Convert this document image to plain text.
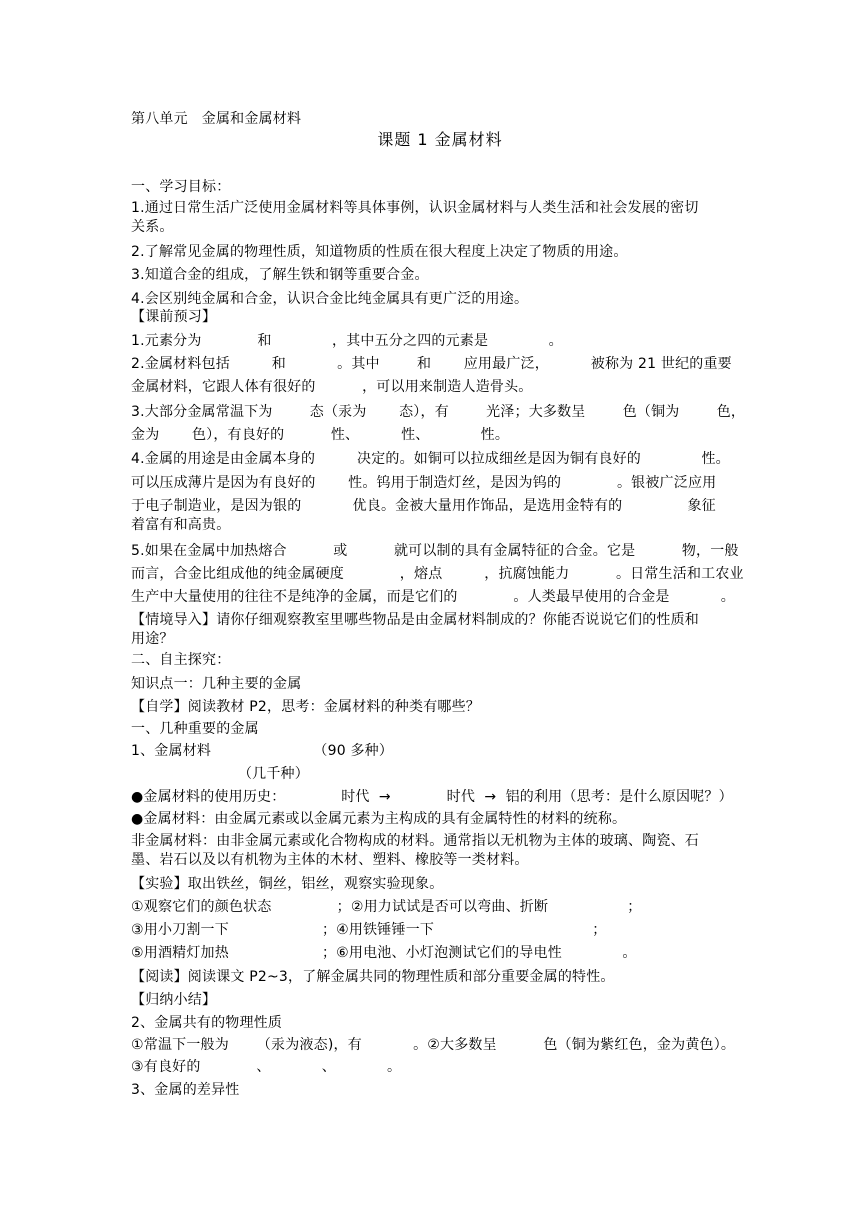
第八单元   金属和金属材料
课题 1 金属材料
一、学习目标：
1.通过日常生活广泛使用金属材料等具体事例，认识金属材料与人类生活和社会发展的密切
关系。
2.了解常见金属的物理性质，知道物质的性质在很大程度上决定了物质的用途。
3.知道合金的组成，了解生铁和钢等重要合金。
4.会区别纯金属和合金，认识合金比纯金属具有更广泛的用途。
【课前预习】
1.元素分为            和             ，其中五分之四的元素是             。
2.金属材料包括         和           。其中        和       应用最广泛，         被称为 21 世纪的重要
金属材料，它跟人体有很好的          ，可以用来制造人造骨头。
3.大部分金属常温下为        态（汞为       态），有        光泽；大多数呈        色（铜为        色，
金为       色），有良好的          性、         性、           性。
4.金属的用途是由金属本身的         决定的。如铜可以拉成细丝是因为铜有良好的             性。
可以压成薄片是因为有良好的       性。钨用于制造灯丝，是因为钨的            。银被广泛应用
于电子制造业，是因为银的           优良。金被大量用作饰品，是选用金特有的              象征
着富有和高贵。
5.如果在金属中加热熔合          或          就可以制的具有金属特征的合金。它是          物，一般
而言，合金比组成他的纯金属硬度            ，熔点         ，抗腐蚀能力          。日常生活和工农业
生产中大量使用的往往不是纯净的金属，而是它们的            。人类最早使用的合金是           。
【情境导入】请你仔细观察教室里哪些物品是由金属材料制成的？你能否说说它们的性质和
用途？
二、自主探究：
知识点一：几种主要的金属
【自学】阅读教材 P2，思考：金属材料的种类有哪些？
一、几种重要的金属
1、金属材料                      （90 多种）
（几千种）
●金属材料的使用历史：            时代  →            时代  →  铝的利用（思考：是什么原因呢？）
●金属材料：由金属元素或以金属元素为主构成的具有金属特性的材料的统称。
非金属材料：由非金属元素或化合物构成的材料。通常指以无机物为主体的玻璃、陶瓷、石
墨、岩石以及以有机物为主体的木材、塑料、橡胶等一类材料。
【实验】取出铁丝，铜丝，铝丝，观察实验现象。
①观察它们的颜色状态              ；②用力试试是否可以弯曲、折断                 ；
③用小刀割一下                    ；④用铁锤锤一下                                  ；
⑤用酒精灯加热                    ；⑥用电池、小灯泡测试它们的导电性             。
【阅读】阅读课文 P2~3，了解金属共同的物理性质和部分重要金属的特性。
【归纳小结】
2、金属共有的物理性质
①常温下一般为      （汞为液态)，有           。②大多数呈          色（铜为紫红色，金为黄色）。
③有良好的            、           、           。
3、金属的差异性
